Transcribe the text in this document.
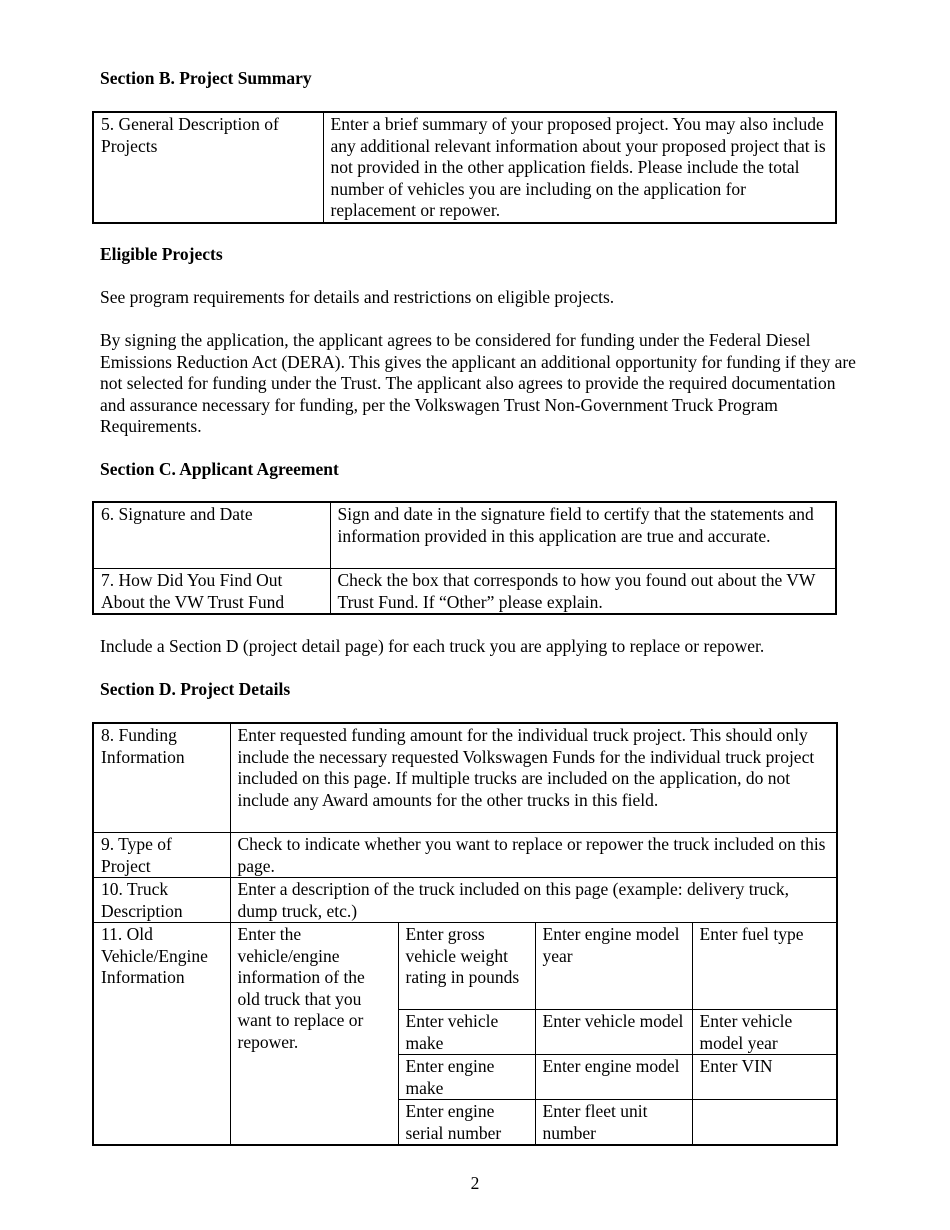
Section B. Project Summary
5. General Description of Projects	Enter a brief summary of your proposed project. You may also include any additional relevant information about your proposed project that is not provided in the other application fields. Please include the total number of vehicles you are including on the application for replacement or repower.
Eligible Projects
See program requirements for details and restrictions on eligible projects.
By signing the application, the applicant agrees to be considered for funding under the Federal Diesel Emissions Reduction Act (DERA). This gives the applicant an additional opportunity for funding if they are not selected for funding under the Trust. The applicant also agrees to provide the required documentation and assurance necessary for funding, per the Volkswagen Trust Non-Government Truck Program Requirements.
Section C. Applicant Agreement
6. Signature and Date	Sign and date in the signature field to certify that the statements and information provided in this application are true and accurate.
7. How Did You Find Out About the VW Trust Fund	Check the box that corresponds to how you found out about the VW Trust Fund. If “Other” please explain.
Include a Section D (project detail page) for each truck you are applying to replace or repower.
Section D. Project Details
8. Funding Information	Enter requested funding amount for the individual truck project. This should only include the necessary requested Volkswagen Funds for the individual truck project included on this page. If multiple trucks are included on the application, do not include any Award amounts for the other trucks in this field.			
9. Type of Project	Check to indicate whether you want to replace or repower the truck included on this page.			
10. Truck Description	Enter a description of the truck included on this page (example: delivery truck, dump truck, etc.)			
11. Old Vehicle/Engine Information	Enter the vehicle/engine information of the old truck that you want to replace or repower.	Enter gross vehicle weight rating in pounds	Enter engine model year	Enter fuel type
		Enter vehicle make	Enter vehicle model	Enter vehicle model year
		Enter engine make	Enter engine model	Enter VIN
		Enter engine serial number	Enter fleet unit number	
2
